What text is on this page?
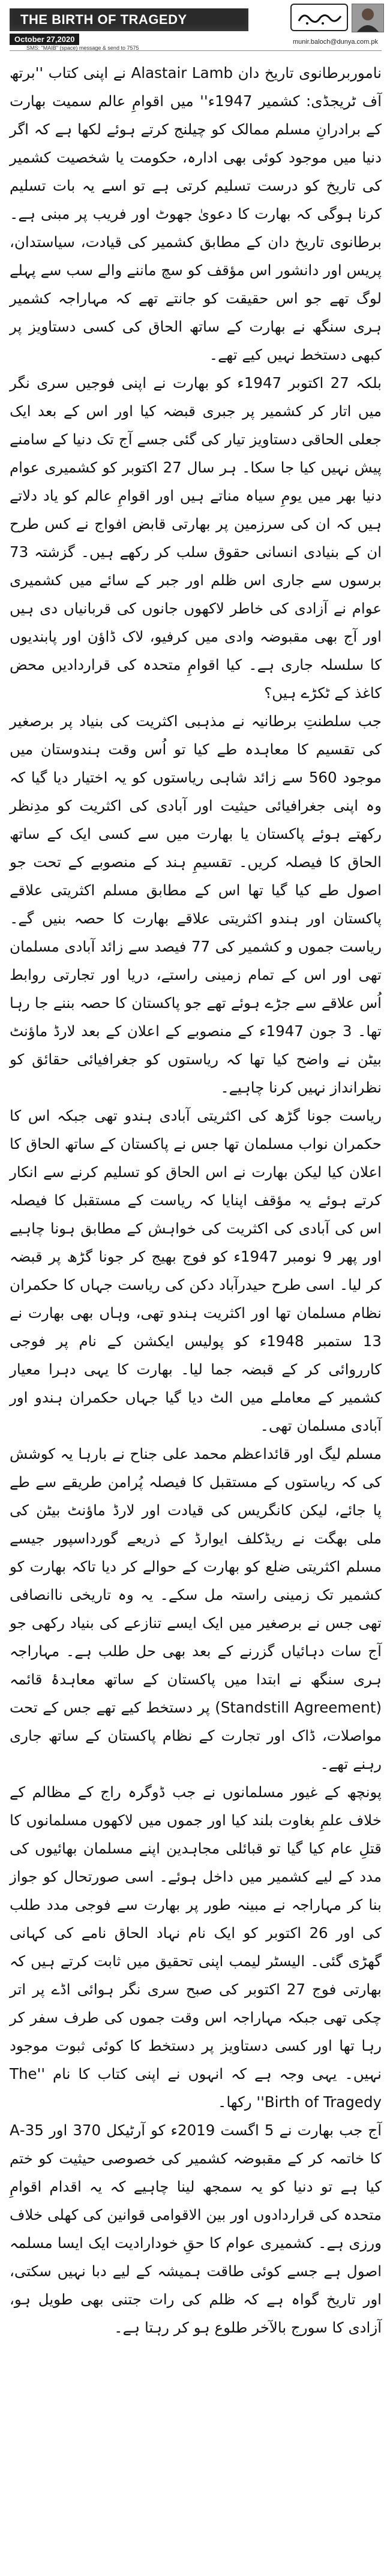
THE BIRTH OF TRAGEDY
October 27,2020
SMS: "MAIB" (space) message & send to 7575
munir.baloch@dunya.com.pk

ناموربرطانوی تاریخ دان Alastair Lamb نے اپنی کتاب ''برتھ آف ٹریجڈی: کشمیر 1947ء'' میں اقوامِ عالم سمیت بھارت کے برادرانِ مسلم ممالک کو چیلنج کرتے ہوئے لکھا ہے کہ اگر دنیا میں موجود کوئی بھی ادارہ، حکومت یا شخصیت کشمیر کی تاریخ کو درست تسلیم کرتی ہے تو اسے یہ بات تسلیم کرنا ہوگی کہ بھارت کا دعویٰ جھوٹ اور فریب پر مبنی ہے۔ برطانوی تاریخ دان کے مطابق کشمیر کی قیادت، سیاستدان، پریس اور دانشور اس مؤقف کو سچ ماننے والے سب سے پہلے لوگ تھے جو اس حقیقت کو جانتے تھے کہ مہاراجہ کشمیر ہری سنگھ نے بھارت کے ساتھ الحاق کی کسی دستاویز پر کبھی دستخط نہیں کیے تھے۔

بلکہ 27 اکتوبر 1947ء کو بھارت نے اپنی فوجیں سری نگر میں اتار کر کشمیر پر جبری قبضہ کیا اور اس کے بعد ایک جعلی الحاقی دستاویز تیار کی گئی جسے آج تک دنیا کے سامنے پیش نہیں کیا جا سکا۔ ہر سال 27 اکتوبر کو کشمیری عوام دنیا بھر میں یومِ سیاہ مناتے ہیں اور اقوامِ عالم کو یاد دلاتے ہیں کہ ان کی سرزمین پر بھارتی قابض افواج نے کس طرح ان کے بنیادی انسانی حقوق سلب کر رکھے ہیں۔ گزشتہ 73 برسوں سے جاری اس ظلم اور جبر کے سائے میں کشمیری عوام نے آزادی کی خاطر لاکھوں جانوں کی قربانیاں دی ہیں اور آج بھی مقبوضہ وادی میں کرفیو، لاک ڈاؤن اور پابندیوں کا سلسلہ جاری ہے۔ کیا اقوامِ متحدہ کی قراردادیں محض کاغذ کے ٹکڑے ہیں؟

جب سلطنتِ برطانیہ نے مذہبی اکثریت کی بنیاد پر برصغیر کی تقسیم کا معاہدہ طے کیا تو اُس وقت ہندوستان میں موجود 560 سے زائد شاہی ریاستوں کو یہ اختیار دیا گیا کہ وہ اپنی جغرافیائی حیثیت اور آبادی کی اکثریت کو مدِنظر رکھتے ہوئے پاکستان یا بھارت میں سے کسی ایک کے ساتھ الحاق کا فیصلہ کریں۔ تقسیمِ ہند کے منصوبے کے تحت جو اصول طے کیا گیا تھا اس کے مطابق مسلم اکثریتی علاقے پاکستان اور ہندو اکثریتی علاقے بھارت کا حصہ بنیں گے۔ ریاست جموں و کشمیر کی 77 فیصد سے زائد آبادی مسلمان تھی اور اس کے تمام زمینی راستے، دریا اور تجارتی روابط اُس علاقے سے جڑے ہوئے تھے جو پاکستان کا حصہ بننے جا رہا تھا۔ 3 جون 1947ء کے منصوبے کے اعلان کے بعد لارڈ ماؤنٹ بیٹن نے واضح کیا تھا کہ ریاستوں کو جغرافیائی حقائق کو نظرانداز نہیں کرنا چاہیے۔

ریاست جونا گڑھ کی اکثریتی آبادی ہندو تھی جبکہ اس کا حکمران نواب مسلمان تھا جس نے پاکستان کے ساتھ الحاق کا اعلان کیا لیکن بھارت نے اس الحاق کو تسلیم کرنے سے انکار کرتے ہوئے یہ مؤقف اپنایا کہ ریاست کے مستقبل کا فیصلہ اس کی آبادی کی اکثریت کی خواہش کے مطابق ہونا چاہیے اور پھر 9 نومبر 1947ء کو فوج بھیج کر جونا گڑھ پر قبضہ کر لیا۔ اسی طرح حیدرآباد دکن کی ریاست جہاں کا حکمران نظام مسلمان تھا اور اکثریت ہندو تھی، وہاں بھی بھارت نے 13 ستمبر 1948ء کو پولیس ایکشن کے نام پر فوجی کارروائی کر کے قبضہ جما لیا۔ بھارت کا یہی دہرا معیار کشمیر کے معاملے میں الٹ دیا گیا جہاں حکمران ہندو اور آبادی مسلمان تھی۔

مسلم لیگ اور قائداعظم محمد علی جناح نے بارہا یہ کوشش کی کہ ریاستوں کے مستقبل کا فیصلہ پُرامن طریقے سے طے پا جائے، لیکن کانگریس کی قیادت اور لارڈ ماؤنٹ بیٹن کی ملی بھگت نے ریڈکلف ایوارڈ کے ذریعے گورداسپور جیسے مسلم اکثریتی ضلع کو بھارت کے حوالے کر دیا تاکہ بھارت کو کشمیر تک زمینی راستہ مل سکے۔ یہ وہ تاریخی ناانصافی تھی جس نے برصغیر میں ایک ایسے تنازعے کی بنیاد رکھی جو آج سات دہائیاں گزرنے کے بعد بھی حل طلب ہے۔ مہاراجہ ہری سنگھ نے ابتدا میں پاکستان کے ساتھ معاہدۂ قائمہ (Standstill Agreement) پر دستخط کیے تھے جس کے تحت مواصلات، ڈاک اور تجارت کے نظام پاکستان کے ساتھ جاری رہنے تھے۔

پونچھ کے غیور مسلمانوں نے جب ڈوگرہ راج کے مظالم کے خلاف علمِ بغاوت بلند کیا اور جموں میں لاکھوں مسلمانوں کا قتلِ عام کیا گیا تو قبائلی مجاہدین اپنے مسلمان بھائیوں کی مدد کے لیے کشمیر میں داخل ہوئے۔ اسی صورتحال کو جواز بنا کر مہاراجہ نے مبینہ طور پر بھارت سے فوجی مدد طلب کی اور 26 اکتوبر کو ایک نام نہاد الحاق نامے کی کہانی گھڑی گئی۔ الیسٹر لیمب اپنی تحقیق میں ثابت کرتے ہیں کہ بھارتی فوج 27 اکتوبر کی صبح سری نگر ہوائی اڈے پر اتر چکی تھی جبکہ مہاراجہ اس وقت جموں کی طرف سفر کر رہا تھا اور کسی دستاویز پر دستخط کا کوئی ثبوت موجود نہیں۔ یہی وجہ ہے کہ انہوں نے اپنی کتاب کا نام ''The Birth of Tragedy'' رکھا۔

آج جب بھارت نے 5 اگست 2019ء کو آرٹیکل 370 اور 35-A کا خاتمہ کر کے مقبوضہ کشمیر کی خصوصی حیثیت کو ختم کیا ہے تو دنیا کو یہ سمجھ لینا چاہیے کہ یہ اقدام اقوامِ متحدہ کی قراردادوں اور بین الاقوامی قوانین کی کھلی خلاف ورزی ہے۔ کشمیری عوام کا حقِ خودارادیت ایک ایسا مسلمہ اصول ہے جسے کوئی طاقت ہمیشہ کے لیے دبا نہیں سکتی، اور تاریخ گواہ ہے کہ ظلم کی رات جتنی بھی طویل ہو، آزادی کا سورج بالآخر طلوع ہو کر رہتا ہے۔
